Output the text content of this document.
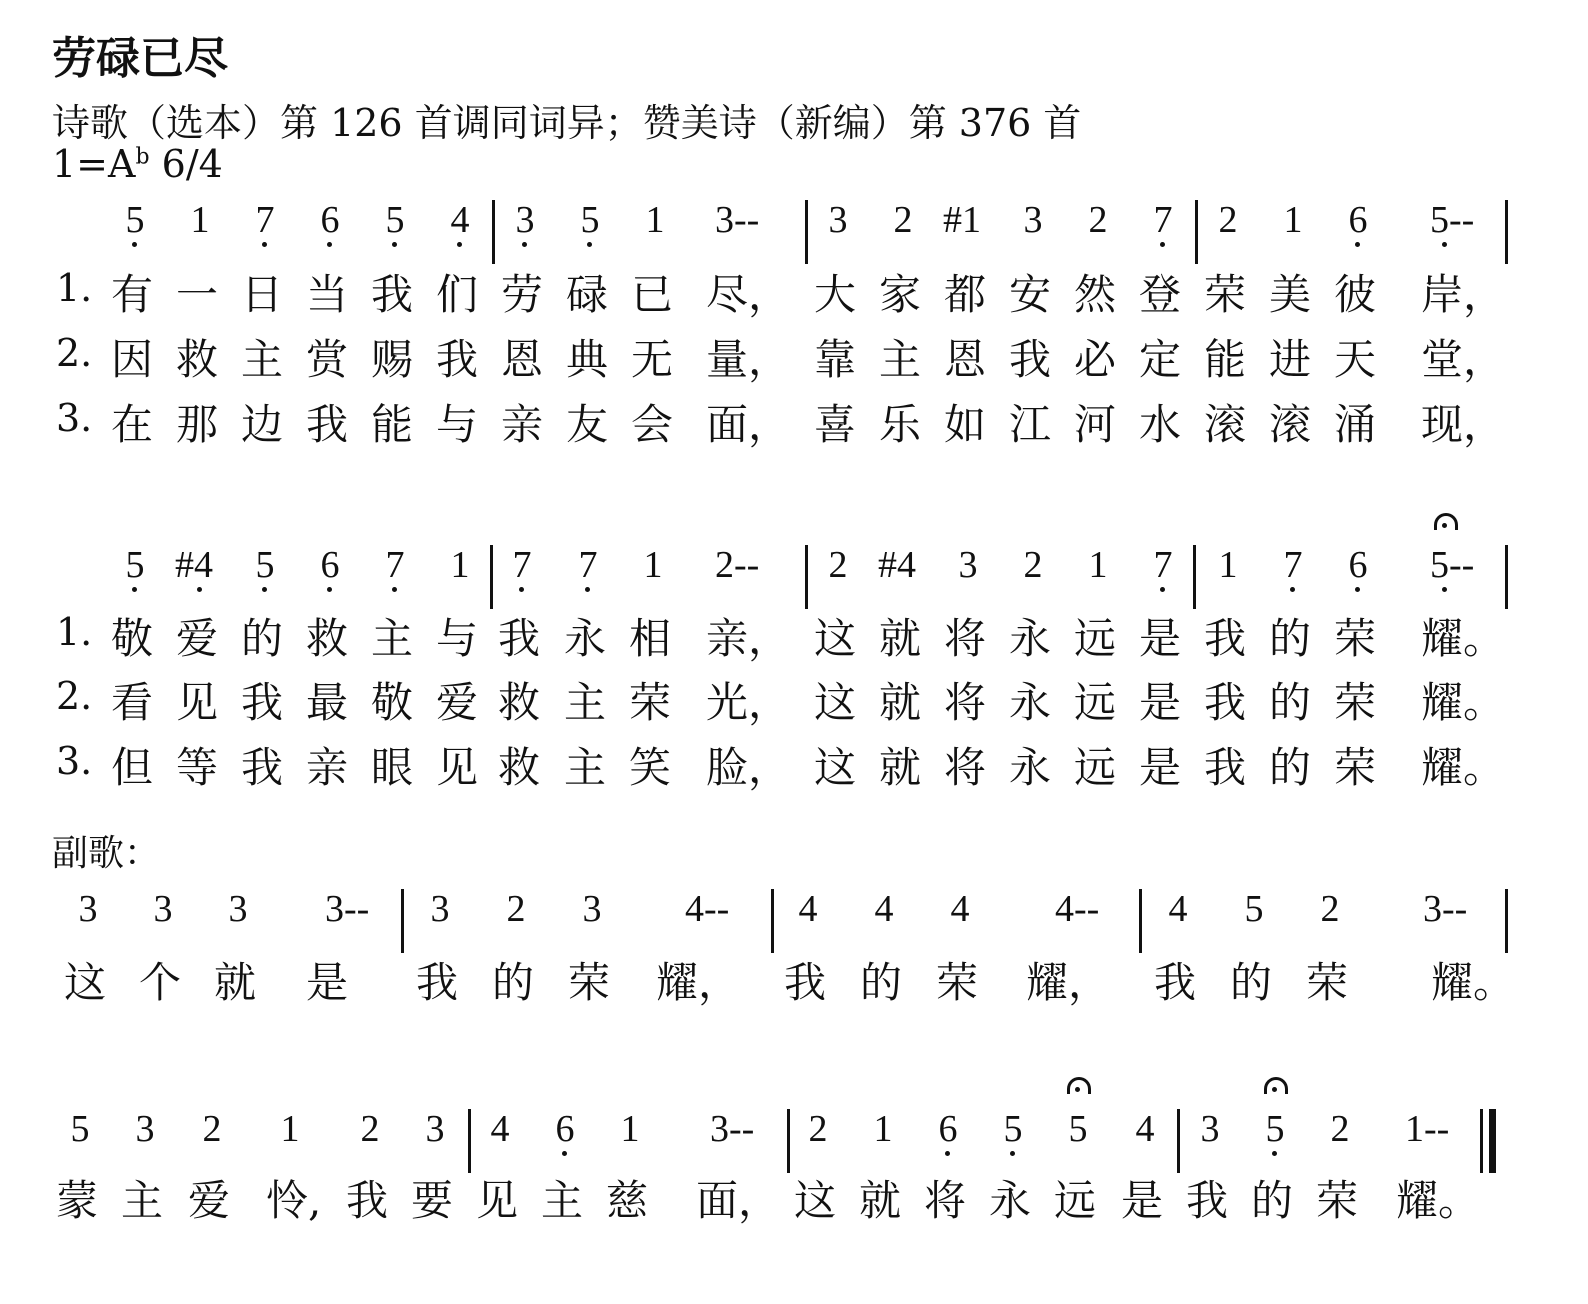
劳碌已尽
诗歌（选本）第 126 首调同词异；赞美诗（新编）第 376 首
$1=A^b$ 6/4
副歌：
5	1	7	6	5	4	3	5	1	3--	3	2 #1	3	2	7	2	1	6	5--
1. 有 一 日 当 我 们 劳 碌 已 尽， 大 家 都 安 然 登 荣 美 彼 岸，
2. 因 救 主 赏 赐 我 恩 典 无 量， 靠 主 恩 我 必 定 能 进 天 堂，
3. 在 那 边 我 能 与 亲 友 会 面， 喜 乐 如 江 河 水 滚 滚 涌 现，
5 #4	5	6	7	1	7	7	1	2--	2 #4	3	2	1	7	1	7	6	5--
1. 敬 爱 的 救 主 与 我 永 相 亲， 这 就 将 永 远 是 我 的 荣 耀。
2. 看 见 我 最 敬 爱 救 主 荣 光， 这 就 将 永 远 是 我 的 荣 耀。
3. 但 等 我 亲 眼 见 救 主 笑 脸， 这 就 将 永 远 是 我 的 荣 耀。
3	3	3	3--	3	2	3	4--	4	4	4	4--	4	5	2	3--
这 个 就 是 我 的 荣 耀， 我 的 荣 耀， 我 的 荣 耀。
5	3	2	1	2	3	4	6	1	3--	2	1	6	5	5	4	3	5	2	1--
蒙 主 爱 怜, 我 要 见 主 慈 面， 这 就 将 永 远 是 我 的 荣 耀。
